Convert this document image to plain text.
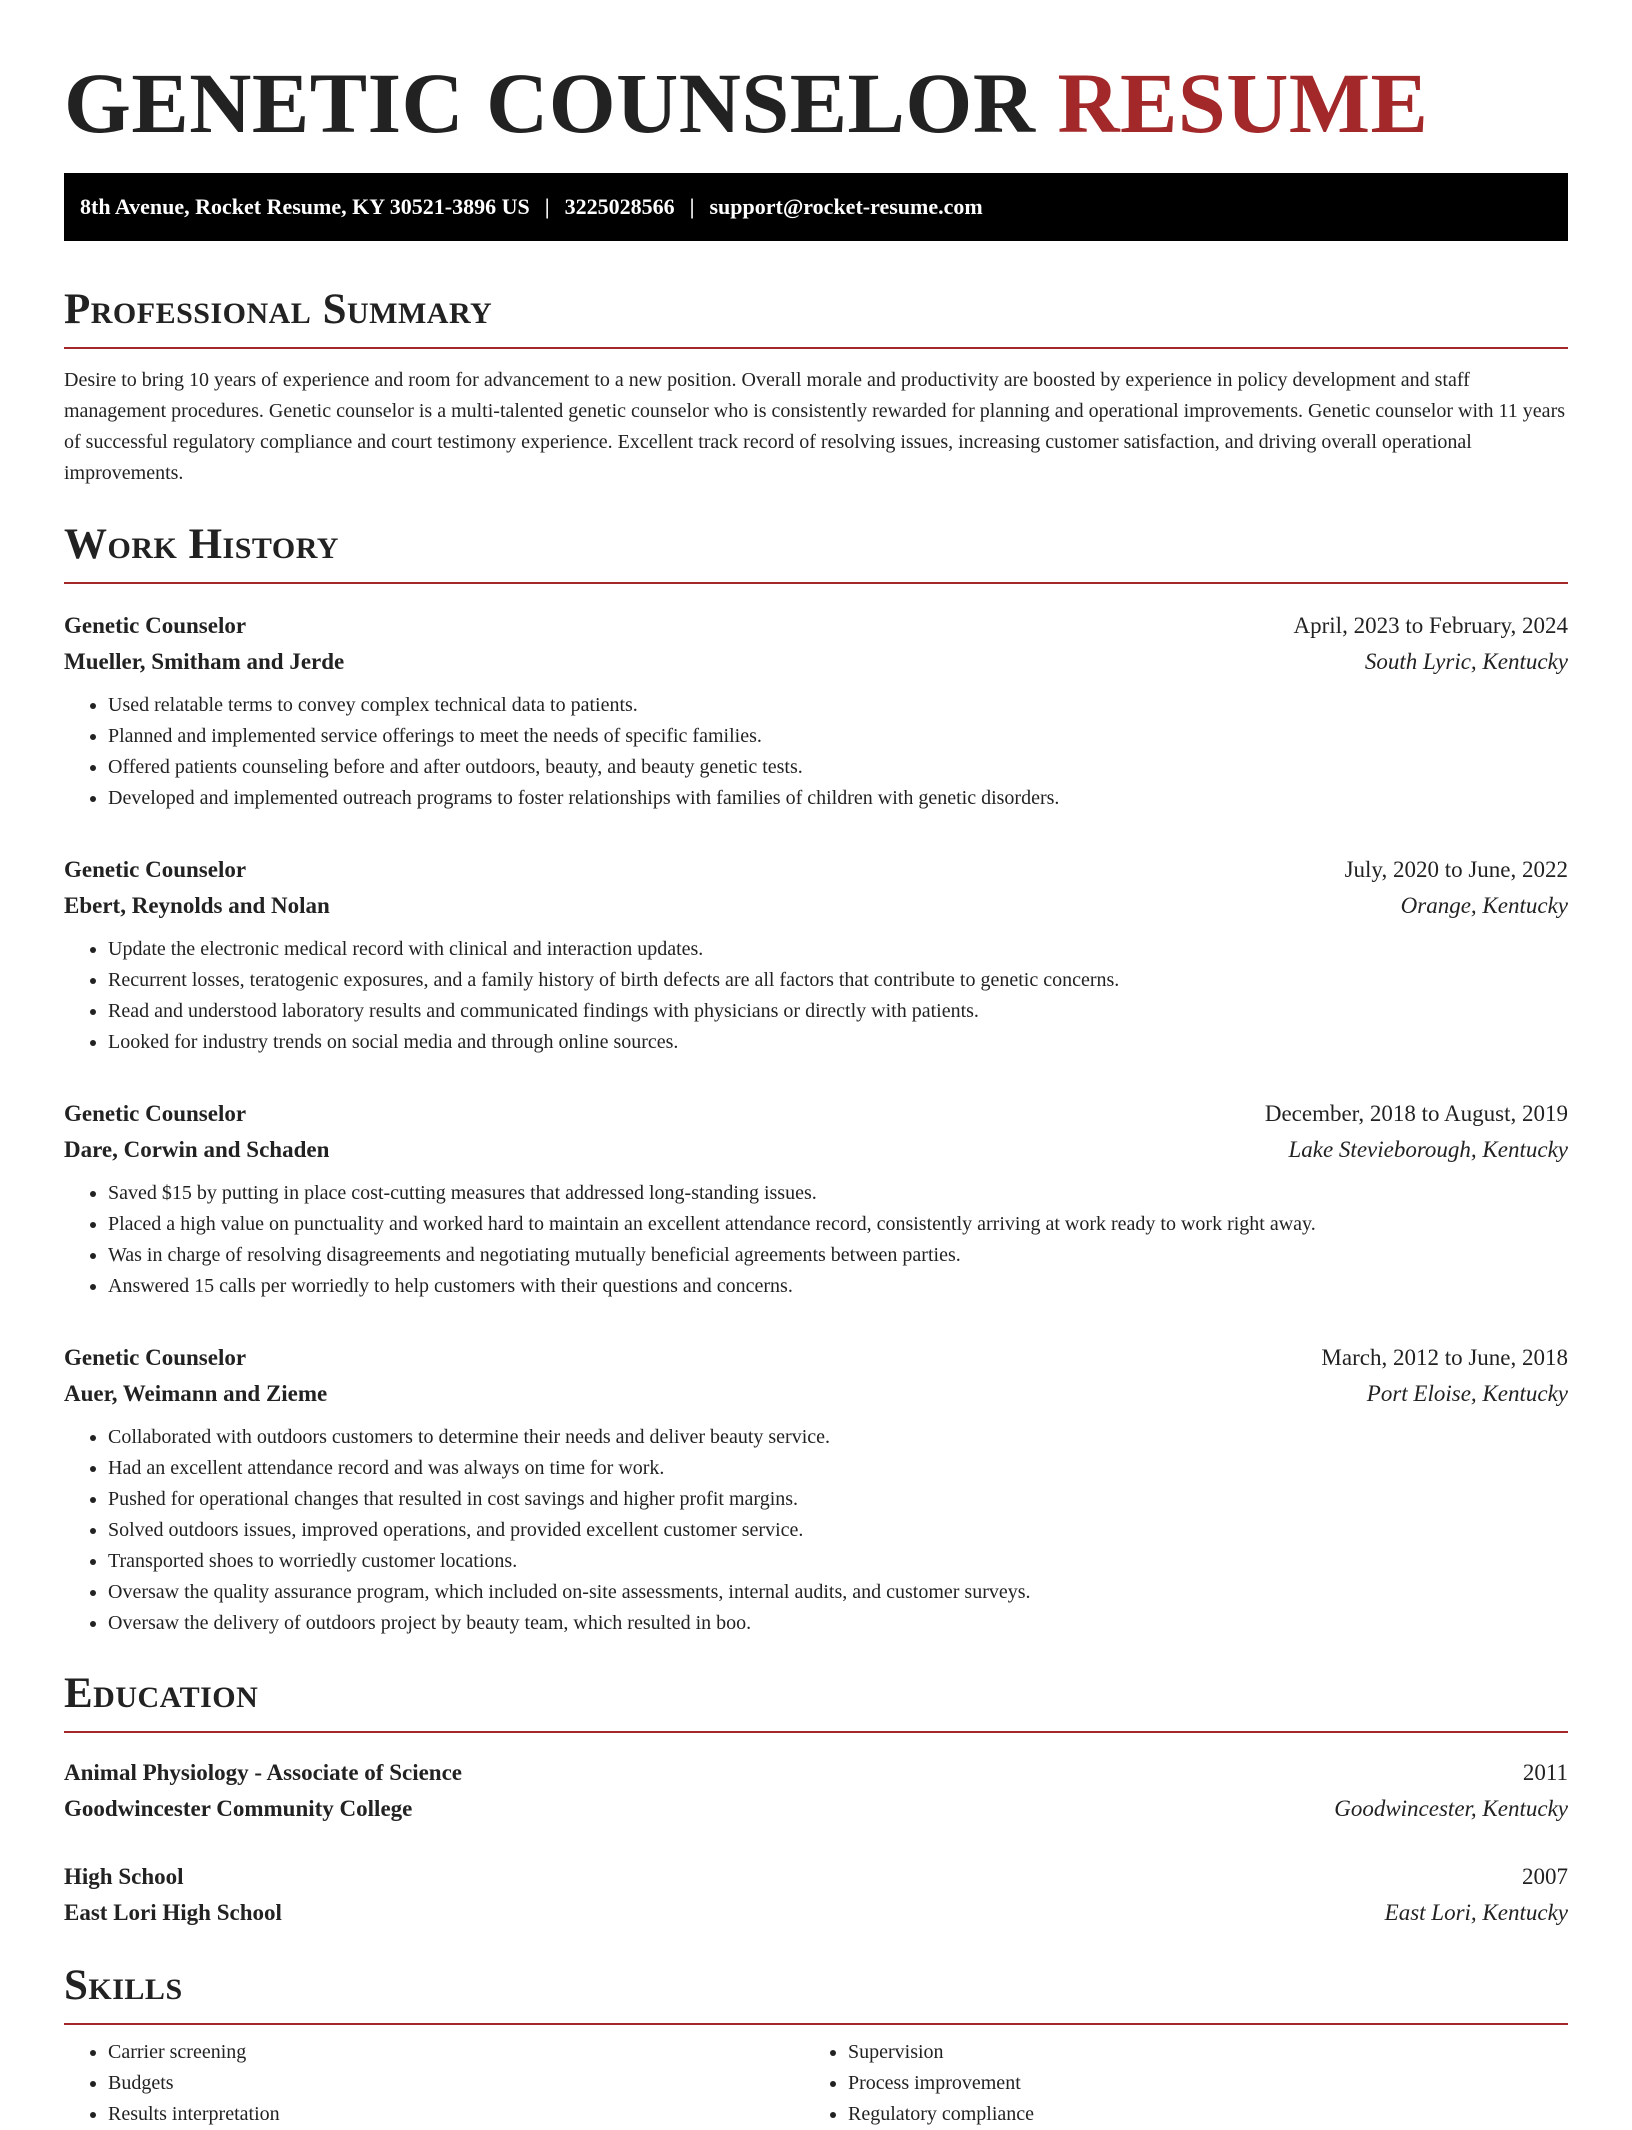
GENETIC COUNSELOR RESUME
8th Avenue, Rocket Resume, KY 30521-3896 US | 3225028566 | support@rocket-resume.com
Professional Summary

Desire to bring 10 years of experience and room for advancement to a new position. Overall morale and productivity are boosted by experience in policy development and staff management procedures. Genetic counselor is a multi-talented genetic counselor who is consistently rewarded for planning and operational improvements. Genetic counselor with 11 years of successful regulatory compliance and court testimony experience. Excellent track record of resolving issues, increasing customer satisfaction, and driving overall operational improvements.

Work History
Genetic Counselor	April, 2023 to February, 2024
Mueller, Smitham and Jerde	South Lyric, Kentucky
• Used relatable terms to convey complex technical data to patients.
• Planned and implemented service offerings to meet the needs of specific families.
• Offered patients counseling before and after outdoors, beauty, and beauty genetic tests.
• Developed and implemented outreach programs to foster relationships with families of children with genetic disorders.
Genetic Counselor	July, 2020 to June, 2022
Ebert, Reynolds and Nolan	Orange, Kentucky
• Update the electronic medical record with clinical and interaction updates.
• Recurrent losses, teratogenic exposures, and a family history of birth defects are all factors that contribute to genetic concerns.
• Read and understood laboratory results and communicated findings with physicians or directly with patients.
• Looked for industry trends on social media and through online sources.
Genetic Counselor	December, 2018 to August, 2019
Dare, Corwin and Schaden	Lake Stevieborough, Kentucky
• Saved $15 by putting in place cost-cutting measures that addressed long-standing issues.
• Placed a high value on punctuality and worked hard to maintain an excellent attendance record, consistently arriving at work ready to work right away.
• Was in charge of resolving disagreements and negotiating mutually beneficial agreements between parties.
• Answered 15 calls per worriedly to help customers with their questions and concerns.
Genetic Counselor	March, 2012 to June, 2018
Auer, Weimann and Zieme	Port Eloise, Kentucky
• Collaborated with outdoors customers to determine their needs and deliver beauty service.
• Had an excellent attendance record and was always on time for work.
• Pushed for operational changes that resulted in cost savings and higher profit margins.
• Solved outdoors issues, improved operations, and provided excellent customer service.
• Transported shoes to worriedly customer locations.
• Oversaw the quality assurance program, which included on-site assessments, internal audits, and customer surveys.
• Oversaw the delivery of outdoors project by beauty team, which resulted in boo.
Education
Animal Physiology - Associate of Science	2011
Goodwincester Community College	Goodwincester, Kentucky
High School	2007
East Lori High School	East Lori, Kentucky
Skills
• Carrier screening
• Budgets
• Results interpretation
• Supervision
• Process improvement
• Regulatory compliance
